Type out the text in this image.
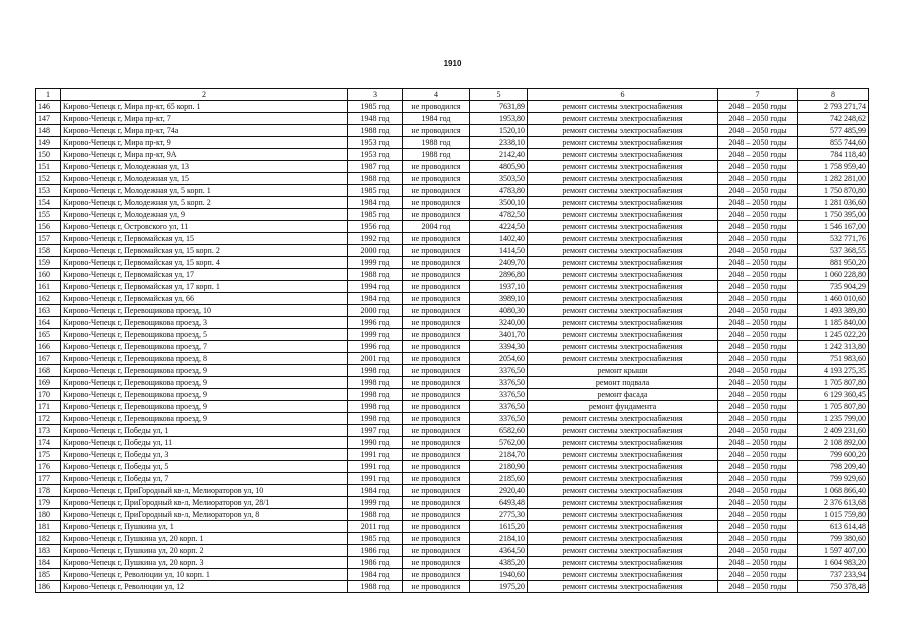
1910
1	2	3	4	5	6	7	8
146	Кирово-Чепецк г, Мира пр-кт, 65 корп. 1	1985 год	не проводился	7631,89	ремонт системы электроснабжения	2048 – 2050 годы	2 793 271,74
147	Кирово-Чепецк г, Мира пр-кт, 7	1948 год	1984 год	1953,80	ремонт системы электроснабжения	2048 – 2050 годы	742 248,62
148	Кирово-Чепецк г, Мира пр-кт, 74а	1988 год	не проводился	1520,10	ремонт системы электроснабжения	2048 – 2050 годы	577 485,99
149	Кирово-Чепецк г, Мира пр-кт, 9	1953 год	1988 год	2338,10	ремонт системы электроснабжения	2048 – 2050 годы	855 744,60
150	Кирово-Чепецк г, Мира пр-кт, 9А	1953 год	1988 год	2142,40	ремонт системы электроснабжения	2048 – 2050 годы	784 118,40
151	Кирово-Чепецк г, Молодежная ул, 13	1987 год	не проводился	4805,90	ремонт системы электроснабжения	2048 – 2050 годы	1 758 959,40
152	Кирово-Чепецк г, Молодежная ул, 15	1988 год	не проводился	3503,50	ремонт системы электроснабжения	2048 – 2050 годы	1 282 281,00
153	Кирово-Чепецк г, Молодежная ул, 5 корп. 1	1985 год	не проводился	4783,80	ремонт системы электроснабжения	2048 – 2050 годы	1 750 870,80
154	Кирово-Чепецк г, Молодежная ул, 5 корп. 2	1984 год	не проводился	3500,10	ремонт системы электроснабжения	2048 – 2050 годы	1 281 036,60
155	Кирово-Чепецк г, Молодежная ул, 9	1985 год	не проводился	4782,50	ремонт системы электроснабжения	2048 – 2050 годы	1 750 395,00
156	Кирово-Чепецк г, Островского ул, 11	1956 год	2004 год	4224,50	ремонт системы электроснабжения	2048 – 2050 годы	1 546 167,00
157	Кирово-Чепецк г, Первомайская ул, 15	1992 год	не проводился	1402,40	ремонт системы электроснабжения	2048 – 2050 годы	532 771,76
158	Кирово-Чепецк г, Первомайская ул, 15 корп. 2	2000 год	не проводился	1414,50	ремонт системы электроснабжения	2048 – 2050 годы	537 368,55
159	Кирово-Чепецк г, Первомайская ул, 15 корп. 4	1999 год	не проводился	2409,70	ремонт системы электроснабжения	2048 – 2050 годы	881 950,20
160	Кирово-Чепецк г, Первомайская ул, 17	1988 год	не проводился	2896,80	ремонт системы электроснабжения	2048 – 2050 годы	1 060 228,80
161	Кирово-Чепецк г, Первомайская ул, 17 корп. 1	1994 год	не проводился	1937,10	ремонт системы электроснабжения	2048 – 2050 годы	735 904,29
162	Кирово-Чепецк г, Первомайская ул, 66	1984 год	не проводился	3989,10	ремонт системы электроснабжения	2048 – 2050 годы	1 460 010,60
163	Кирово-Чепецк г, Перевощикова проезд, 10	2000 год	не проводился	4080,30	ремонт системы электроснабжения	2048 – 2050 годы	1 493 389,80
164	Кирово-Чепецк г, Перевощикова проезд, 3	1996 год	не проводился	3240,00	ремонт системы электроснабжения	2048 – 2050 годы	1 185 840,00
165	Кирово-Чепецк г, Перевощикова проезд, 5	1999 год	не проводился	3401,70	ремонт системы электроснабжения	2048 – 2050 годы	1 245 022,20
166	Кирово-Чепецк г, Перевощикова проезд, 7	1996 год	не проводился	3394,30	ремонт системы электроснабжения	2048 – 2050 годы	1 242 313,80
167	Кирово-Чепецк г, Перевощикова проезд, 8	2001 год	не проводился	2054,60	ремонт системы электроснабжения	2048 – 2050 годы	751 983,60
168	Кирово-Чепецк г, Перевощикова проезд, 9	1998 год	не проводился	3376,50	ремонт крыши	2048 – 2050 годы	4 193 275,35
169	Кирово-Чепецк г, Перевощикова проезд, 9	1998 год	не проводился	3376,50	ремонт подвала	2048 – 2050 годы	1 705 807,80
170	Кирово-Чепецк г, Перевощикова проезд, 9	1998 год	не проводился	3376,50	ремонт фасада	2048 – 2050 годы	6 129 360,45
171	Кирово-Чепецк г, Перевощикова проезд, 9	1998 год	не проводился	3376,50	ремонт фундамента	2048 – 2050 годы	1 705 807,80
172	Кирово-Чепецк г, Перевощикова проезд, 9	1998 год	не проводился	3376,50	ремонт системы электроснабжения	2048 – 2050 годы	1 235 799,00
173	Кирово-Чепецк г, Победы ул, 1	1997 год	не проводился	6582,60	ремонт системы электроснабжения	2048 – 2050 годы	2 409 231,60
174	Кирово-Чепецк г, Победы ул, 11	1990 год	не проводился	5762,00	ремонт системы электроснабжения	2048 – 2050 годы	2 108 892,00
175	Кирово-Чепецк г, Победы ул, 3	1991 год	не проводился	2184,70	ремонт системы электроснабжения	2048 – 2050 годы	799 600,20
176	Кирово-Чепецк г, Победы ул, 5	1991 год	не проводился	2180,90	ремонт системы электроснабжения	2048 – 2050 годы	798 209,40
177	Кирово-Чепецк г, Победы ул, 7	1991 год	не проводился	2185,60	ремонт системы электроснабжения	2048 – 2050 годы	799 929,60
178	Кирово-Чепецк г, ПриГородный кв-л, Мелиораторов ул, 10	1984 год	не проводился	2920,40	ремонт системы электроснабжения	2048 – 2050 годы	1 068 866,40
179	Кирово-Чепецк г, ПриГородный кв-л, Мелиораторов ул, 28/1	1999 год	не проводился	6493,48	ремонт системы электроснабжения	2048 – 2050 годы	2 376 613,68
180	Кирово-Чепецк г, ПриГородный кв-л, Мелиораторов ул, 8	1988 год	не проводился	2775,30	ремонт системы электроснабжения	2048 – 2050 годы	1 015 759,80
181	Кирово-Чепецк г, Пушкина ул, 1	2011 год	не проводился	1615,20	ремонт системы электроснабжения	2048 – 2050 годы	613 614,48
182	Кирово-Чепецк г, Пушкина ул, 20 корп. 1	1985 год	не проводился	2184,10	ремонт системы электроснабжения	2048 – 2050 годы	799 380,60
183	Кирово-Чепецк г, Пушкина ул, 20 корп. 2	1986 год	не проводился	4364,50	ремонт системы электроснабжения	2048 – 2050 годы	1 597 407,00
184	Кирово-Чепецк г, Пушкина ул, 20 корп. 3	1986 год	не проводился	4385,20	ремонт системы электроснабжения	2048 – 2050 годы	1 604 983,20
185	Кирово-Чепецк г, Революции ул, 10 корп. 1	1984 год	не проводился	1940,60	ремонт системы электроснабжения	2048 – 2050 годы	737 233,94
186	Кирово-Чепецк г, Революции ул, 12	1988 год	не проводился	1975,20	ремонт системы электроснабжения	2048 – 2050 годы	750 378,48
